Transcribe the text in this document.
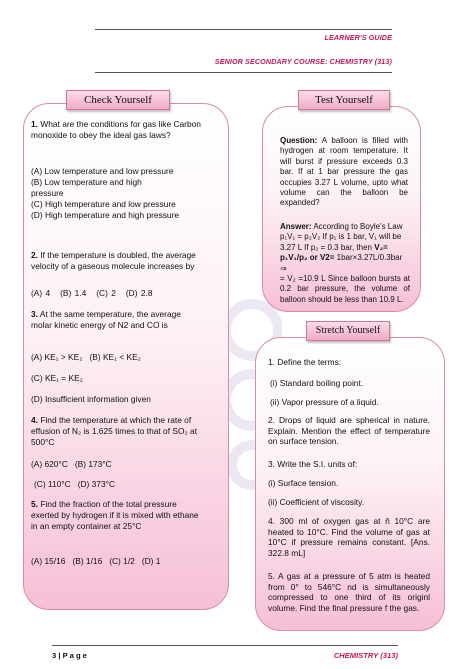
LEARNER'S GUIDE
SENIOR SECONDARY COURSE: CHEMISTRY (313)
Check Yourself
1. What are the conditions for gas like Carbon monoxide to obey the ideal gas laws?
(A) Low temperature and low pressure
(B) Low temperature and high pressure
(C) High temperature and low pressure
(D) High temperature and high pressure
2. If the temperature is doubled, the average velocity of a gaseous molecule increases by
(A) 4 (B) 1.4 (C) 2 (D) 2.8
3. At the same temperature, the average molar kinetic energy of N2 and CO is
(A) KE₁ > KE₂ (B) KE₁ < KE₂
(C) KE₁ = KE₂
(D) Insufficient information given
4. Find the temperature at which the rate of effusion of N₂ is 1.625 times to that of SO₂ at 500°C
(A) 620°C (B) 173°C
(C) 110°C (D) 373°C
5. Find the fraction of the total pressure exerted by hydrogen if it is mixed with ethane in an empty container at 25°C
(A) 15/16 (B) 1/16 (C) 1/2 (D) 1
Test Yourself
Question: A balloon is filled with hydrogen at room temperature. It will burst if pressure exceeds 0.3 bar. If at 1 bar pressure the gas occupies 3.27 L volume, upto what volume can the balloon be expanded?
Answer: According to Boyle's Law
p₁V₁ = p₂V₂ If p₁ is 1 bar, V₁ will be
3.27 L If p₂ = 0.3 bar, then V₂=
p₁V₁/p₂ or V2= 1bar×3.27L/0.3bar ⇒
= V₂ =10.9 L Since balloon bursts at 0.2 bar pressure, the volume of balloon should be less than 10.9 L.
Stretch Yourself
1. Define the terms:
(i) Standard boiling point.
(ii) Vapor pressure of a liquid.
2. Drops of liquid are spherical in nature. Explain. Mention the effect of temperature on surface tension.
3. Write the S.I. units of:
(i) Surface tension.
(ii) Coefficient of viscosity.
4. 300 ml of oxygen gas at ň 10°C are heated to 10°C. Find the volume of gas at 10°C if pressure remains constant. [Ans. 322.8 mL]
5. A gas at a pressure of 5 atm is heated from 0° to 546°C nd is simultaneously compressed to one third of its originl volume. Find the final pressure f the gas.
3 | P a g e	CHEMISTRY (313)
